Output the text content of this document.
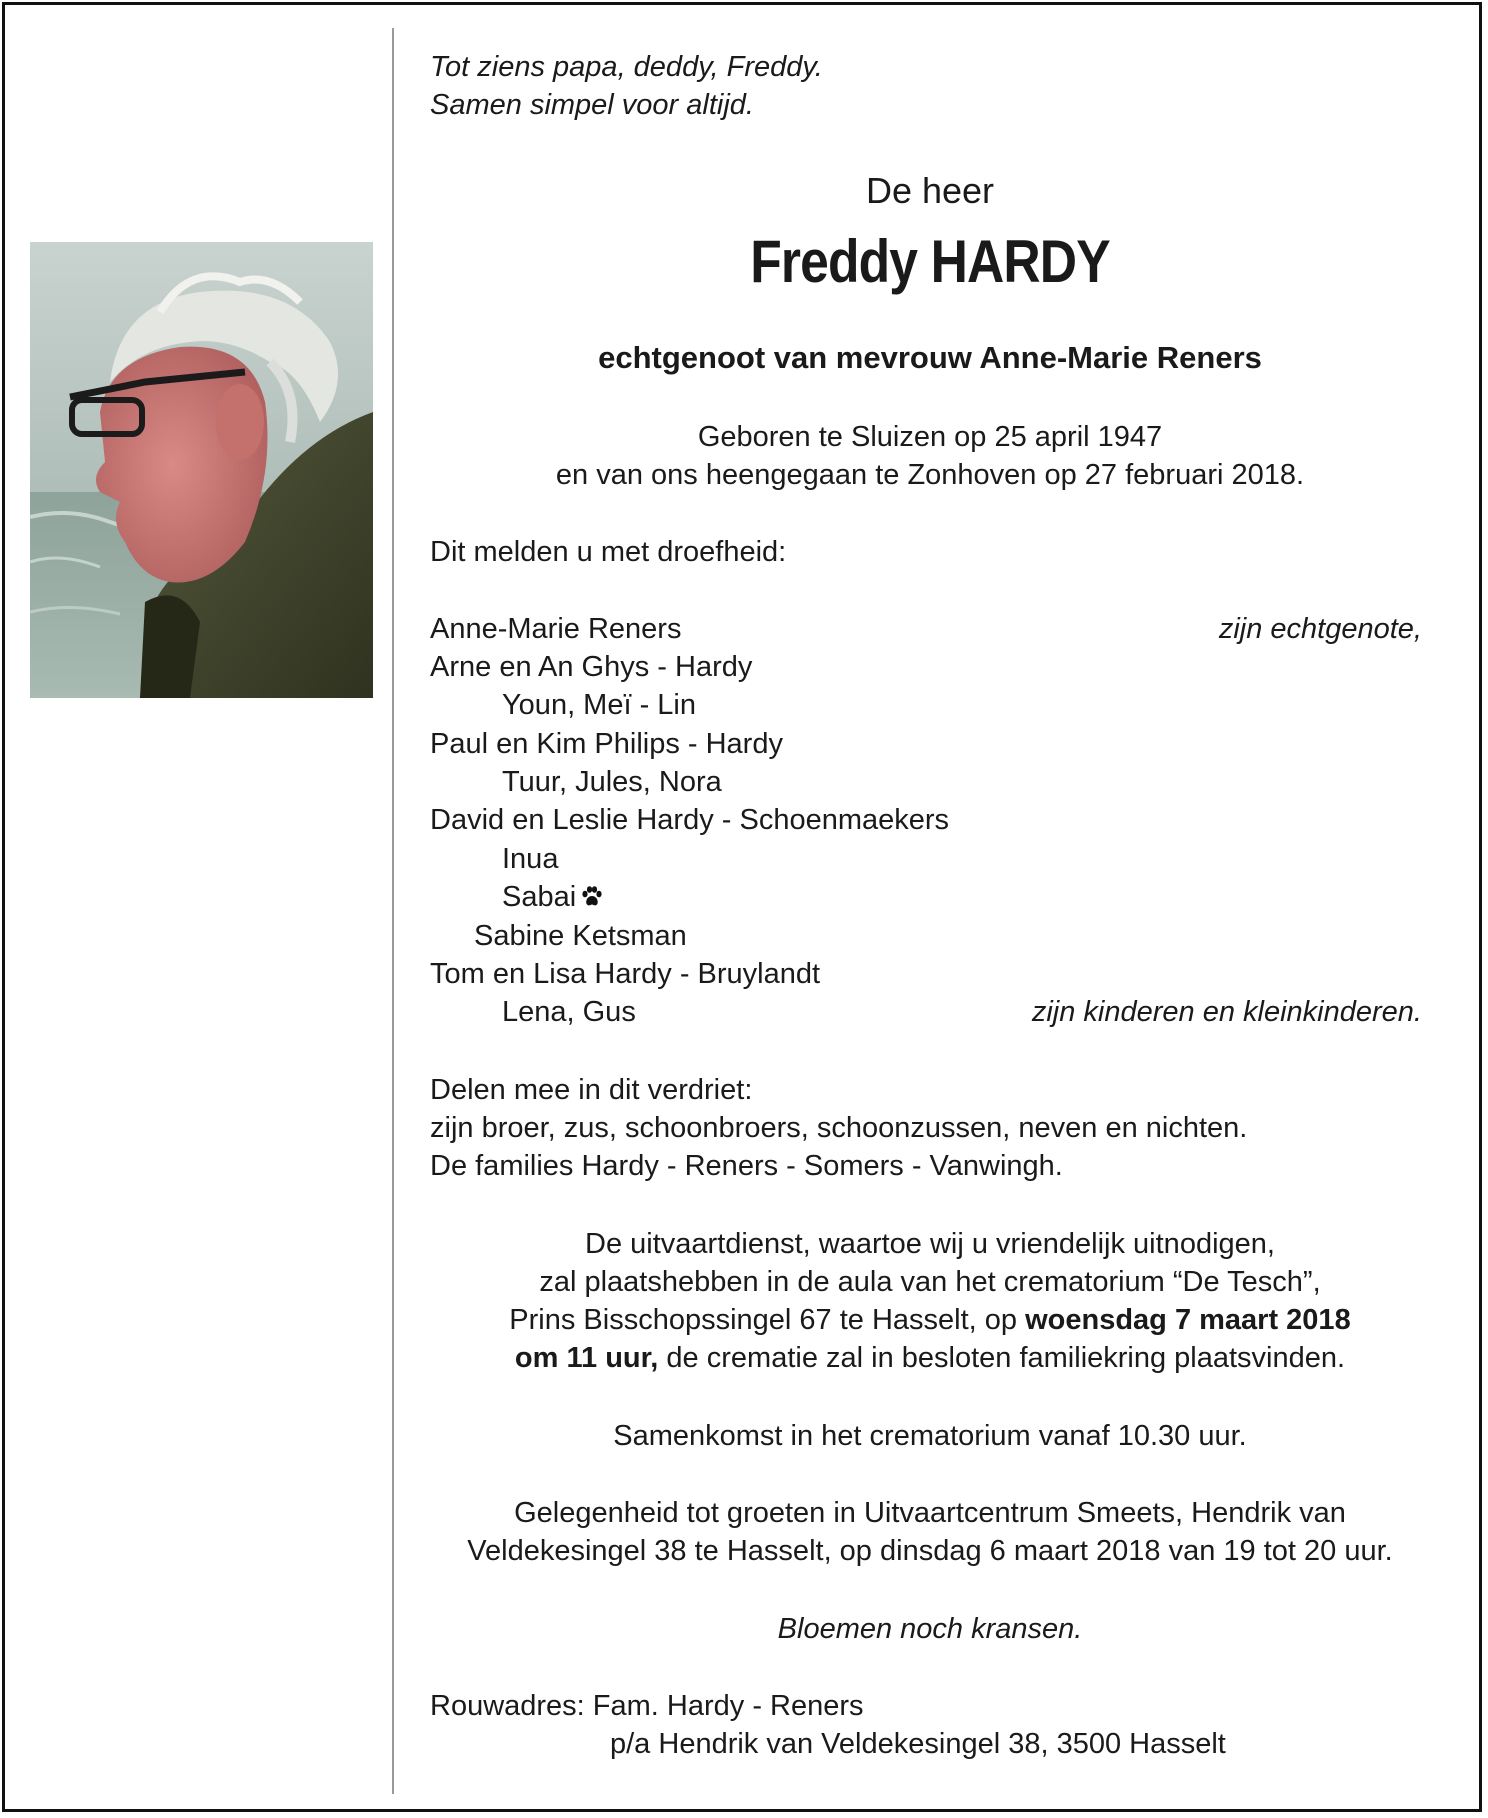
Tot ziens papa, deddy, Freddy.
Samen simpel voor altijd.
De heer
Freddy HARDY
echtgenoot van mevrouw Anne-Marie Reners
Geboren te Sluizen op 25 april 1947
en van ons heengegaan te Zonhoven op 27 februari 2018.
Dit melden u met droefheid:
Anne-Marie Reners	zijn echtgenote,
Arne en An Ghys - Hardy
Youn, Meï - Lin
Paul en Kim Philips - Hardy
Tuur, Jules, Nora
David en Leslie Hardy - Schoenmaekers
Inua
Sabai
Sabine Ketsman
Tom en Lisa Hardy - Bruylandt
Lena, Gus	zijn kinderen en kleinkinderen.
Delen mee in dit verdriet:
zijn broer, zus, schoonbroers, schoonzussen, neven en nichten.
De families Hardy - Reners - Somers - Vanwingh.
De uitvaartdienst, waartoe wij u vriendelijk uitnodigen,
zal plaatshebben in de aula van het crematorium “De Tesch”,
Prins Bisschopssingel 67 te Hasselt, op woensdag 7 maart 2018
om 11 uur, de crematie zal in besloten familiekring plaatsvinden.
Samenkomst in het crematorium vanaf 10.30 uur.
Gelegenheid tot groeten in Uitvaartcentrum Smeets, Hendrik van
Veldekesingel 38 te Hasselt, op dinsdag 6 maart 2018 van 19 tot 20 uur.
Bloemen noch kransen.
Rouwadres: Fam. Hardy - Reners
p/a Hendrik van Veldekesingel 38, 3500 Hasselt
